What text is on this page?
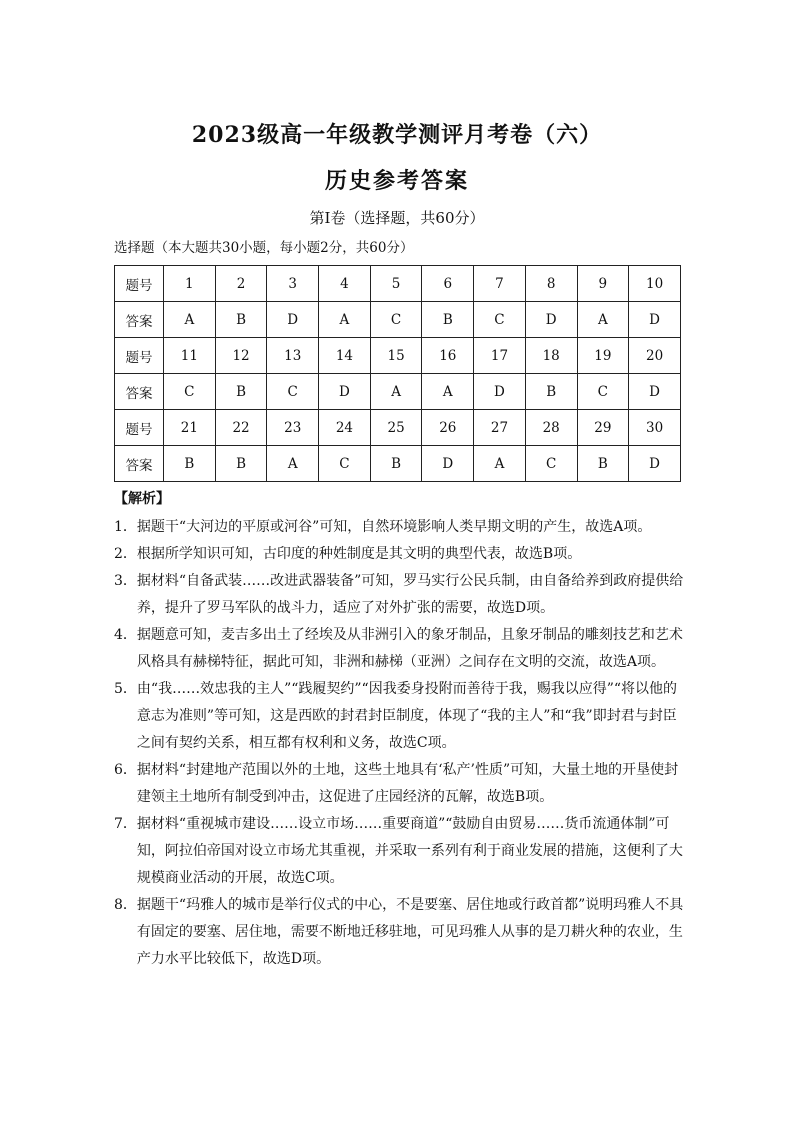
2023级高一年级教学测评月考卷（六）
历史参考答案
第Ⅰ卷（选择题，共60分）
选择题（本大题共30小题，每小题2分，共60分）
题号	1	2	3	4	5	6	7	8	9	10
答案	A	B	D	A	C	B	C	D	A	D
题号	11	12	13	14	15	16	17	18	19	20
答案	C	B	C	D	A	A	D	B	C	D
题号	21	22	23	24	25	26	27	28	29	30
答案	B	B	A	C	B	D	A	C	B	D
【解析】
1． 据题干“大河边的平原或河谷”可知，自然环境影响人类早期文明的产生，故选A项。
2． 根据所学知识可知，古印度的种姓制度是其文明的典型代表，故选B项。
3． 据材料“自备武装……改进武器装备”可知，罗马实行公民兵制，由自备给养到政府提供给养，提升了罗马军队的战斗力，适应了对外扩张的需要，故选D项。
4． 据题意可知，麦吉多出土了经埃及从非洲引入的象牙制品，且象牙制品的雕刻技艺和艺术风格具有赫梯特征，据此可知，非洲和赫梯（亚洲）之间存在文明的交流，故选A项。
5． 由“我……效忠我的主人”“践履契约”“因我委身投附而善待于我，赐我以应得”“将以他的意志为准则”等可知，这是西欧的封君封臣制度，体现了“我的主人”和“我”即封君与封臣之间有契约关系，相互都有权利和义务，故选C项。
6． 据材料“封建地产范围以外的土地，这些土地具有‘私产’性质”可知，大量土地的开垦使封建领主土地所有制受到冲击，这促进了庄园经济的瓦解，故选B项。
7． 据材料“重视城市建设……设立市场……重要商道”“鼓励自由贸易……货币流通体制”可知，阿拉伯帝国对设立市场尤其重视，并采取一系列有利于商业发展的措施，这便利了大规模商业活动的开展，故选C项。
8． 据题干“玛雅人的城市是举行仪式的中心，不是要塞、居住地或行政首都”说明玛雅人不具有固定的要塞、居住地，需要不断地迁移驻地，可见玛雅人从事的是刀耕火种的农业，生产力水平比较低下，故选D项。
